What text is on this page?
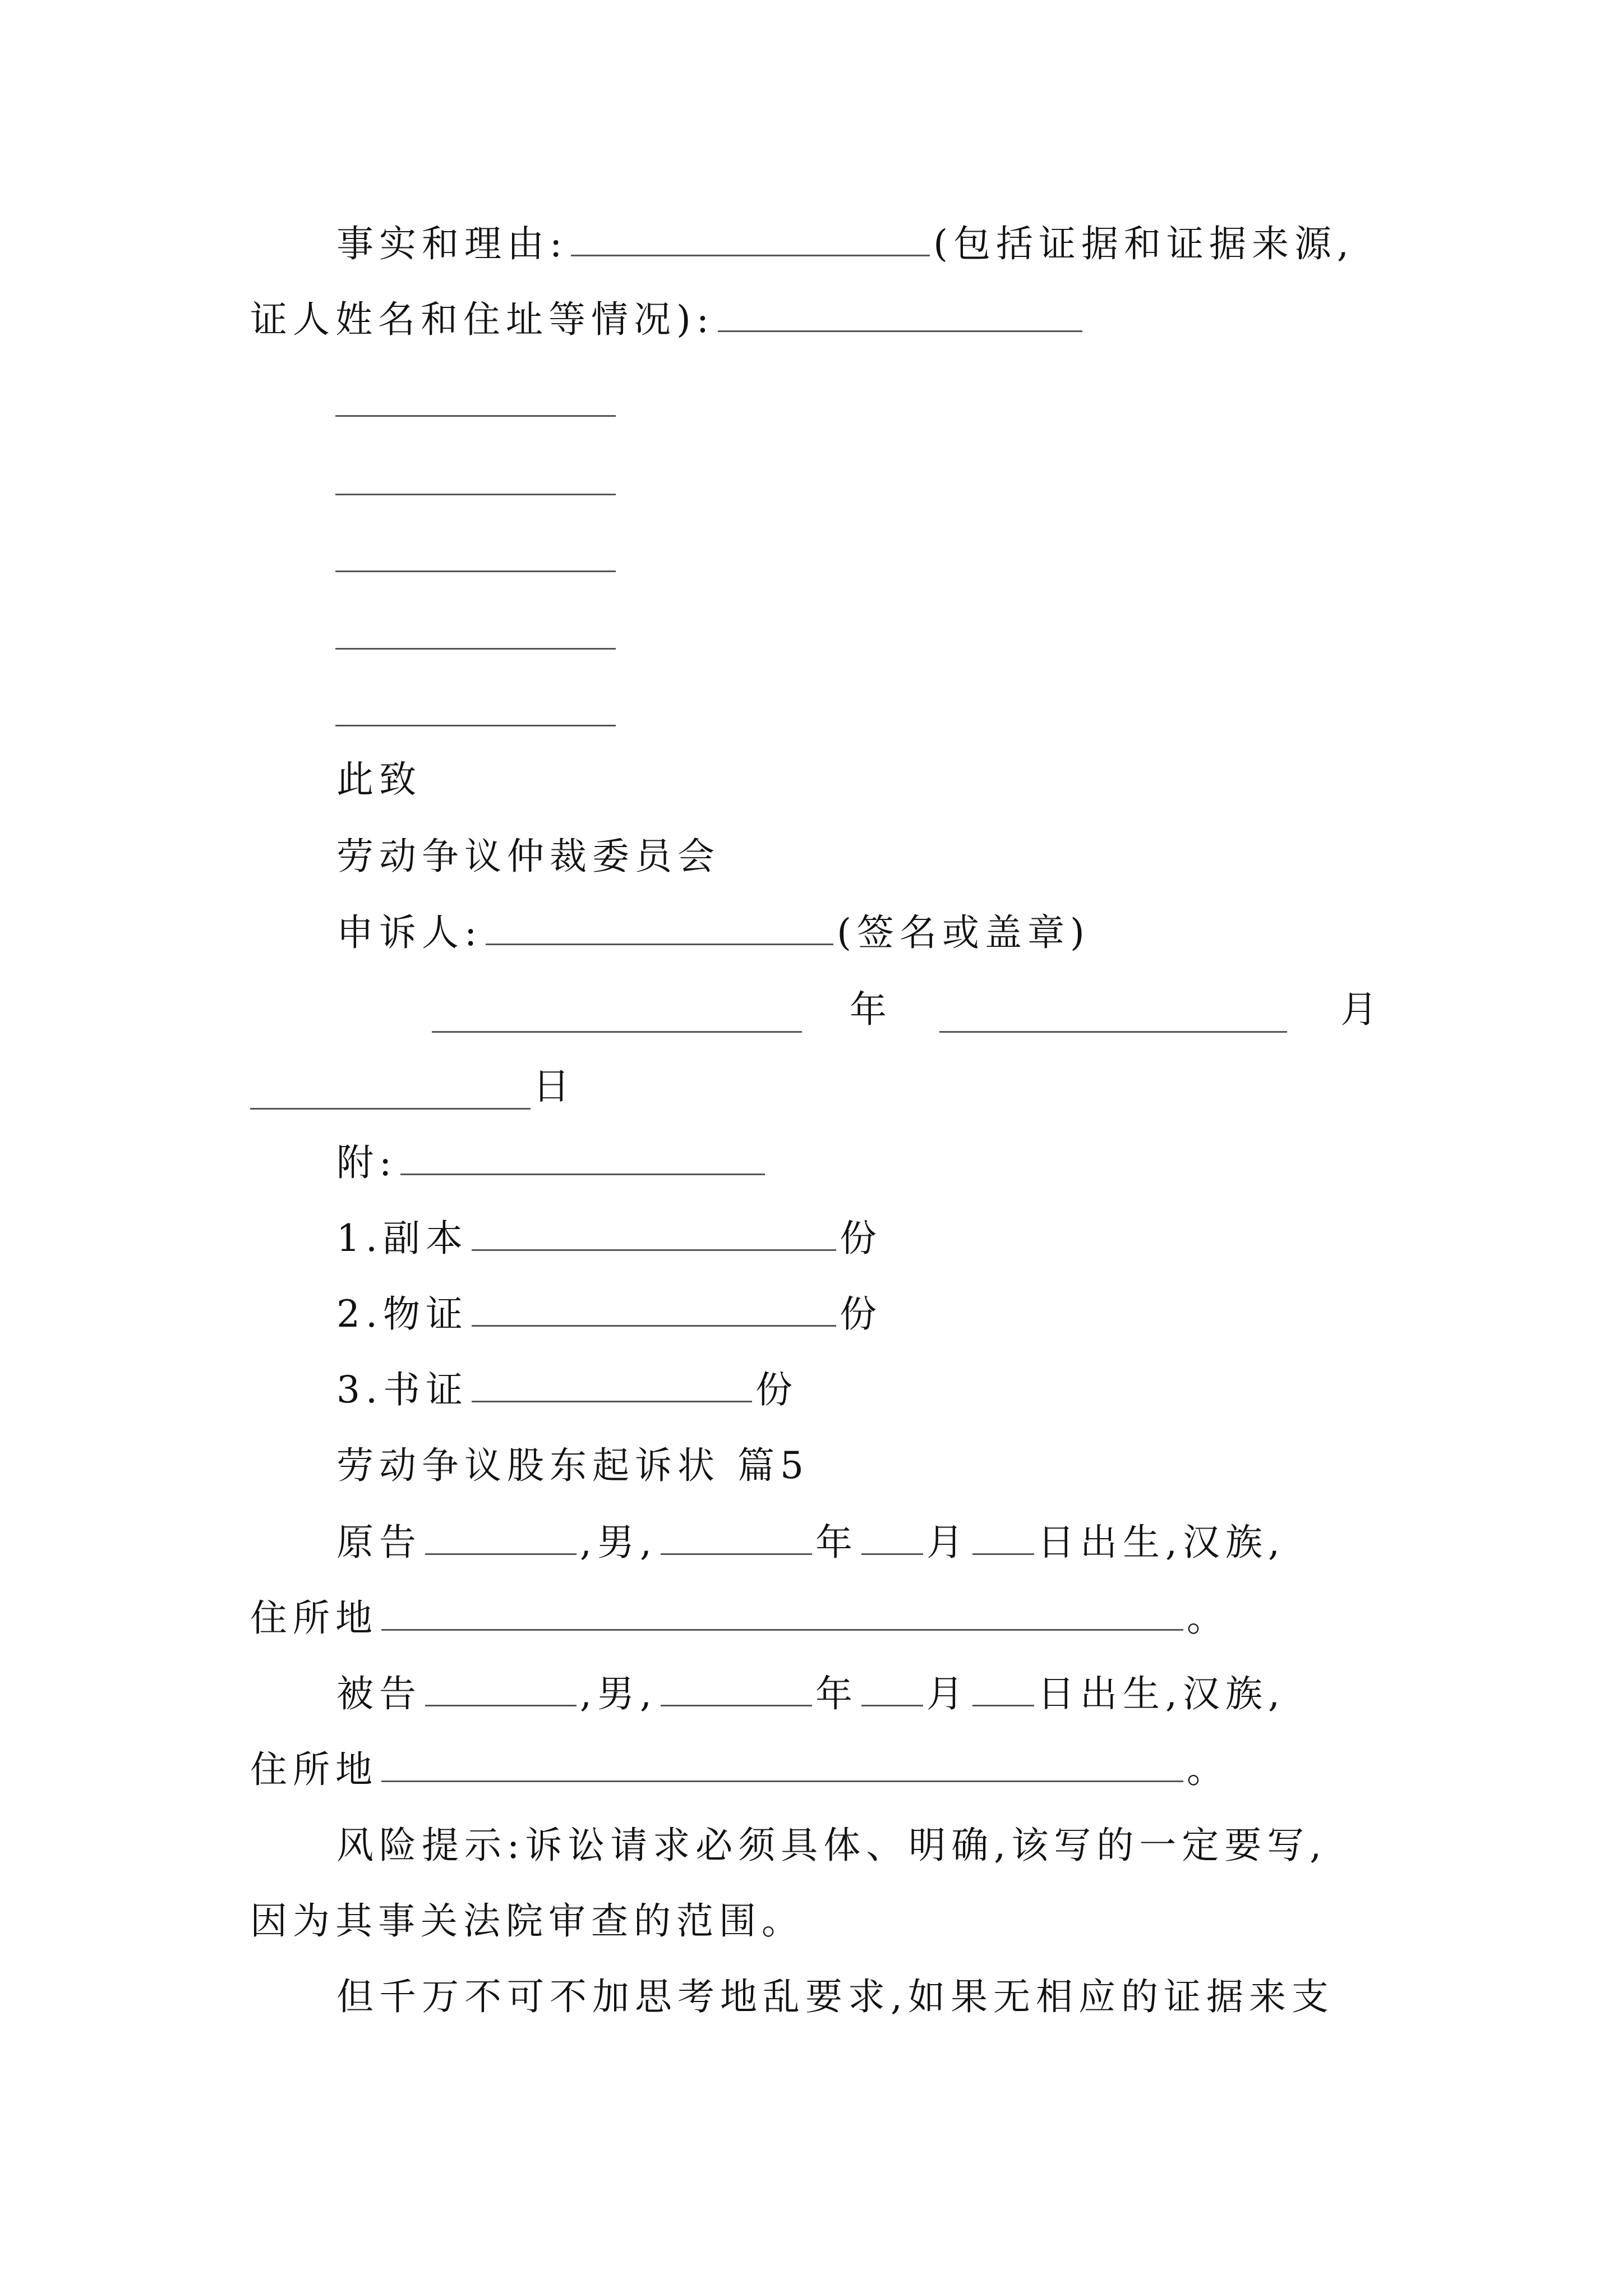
事实和理由:	(包括证据和证据来源,
证人姓名和住址等情况):
此致
劳动争议仲裁委员会
申诉人:	(签名或盖章)
年	月
日
附:
1.副本	份
2.物证	份
3.书证	份
劳动争议股东起诉状 篇5
原告	,男,	年 月 日出生,汉族,
住所地	。
被告	,男,	年 月 日出生,汉族,
住所地	。
风险提示:诉讼请求必须具体、明确,该写的一定要写,
因为其事关法院审查的范围。
但千万不可不加思考地乱要求,如果无相应的证据来支
